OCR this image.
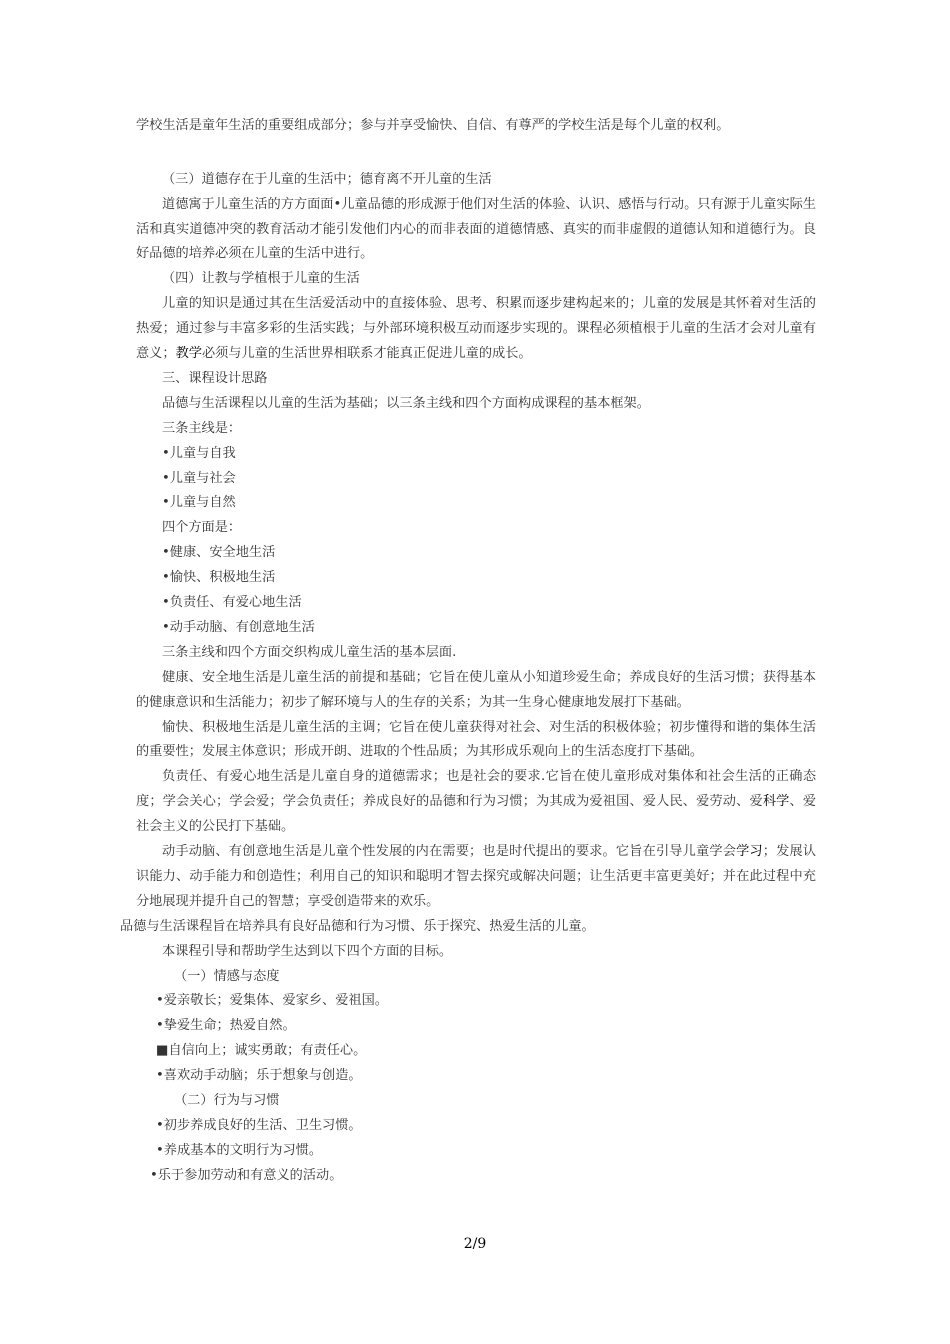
学校生活是童年生活的重要组成部分；参与并享受愉快、自信、有尊严的学校生活是每个儿童的权利。
（三）道德存在于儿童的生活中；德育离不开儿童的生活
道德寓于儿童生活的方方面面•儿童品德的形成源于他们对生活的体验、认识、感悟与行动。只有源于儿童实际生活和真实道德冲突的教育活动才能引发他们内心的而非表面的道德情感、真实的而非虚假的道德认知和道德行为。良好品德的培养必须在儿童的生活中进行。
（四）让教与学植根于儿童的生活
儿童的知识是通过其在生活爱活动中的直接体验、思考、积累而逐步建构起来的；儿童的发展是其怀着对生活的热爱；通过参与丰富多彩的生活实践；与外部环境积极互动而逐步实现的。课程必须植根于儿童的生活才会对儿童有意义；教学必须与儿童的生活世界相联系才能真正促进儿童的成长。
三、课程设计思路
品德与生活课程以儿童的生活为基础；以三条主线和四个方面构成课程的基本框架。
三条主线是：
•儿童与自我
•儿童与社会
•儿童与自然
四个方面是：
•健康、安全地生活
•愉快、积极地生活
•负责任、有爱心地生活
•动手动脑、有创意地生活
三条主线和四个方面交织构成儿童生活的基本层面.
健康、安全地生活是儿童生活的前提和基础；它旨在使儿童从小知道珍爱生命；养成良好的生活习惯；获得基本的健康意识和生活能力；初步了解环境与人的生存的关系；为其一生身心健康地发展打下基础。
愉快、积极地生活是儿童生活的主调；它旨在使儿童获得对社会、对生活的积极体验；初步懂得和谐的集体生活的重要性；发展主体意识；形成开朗、进取的个性品质；为其形成乐观向上的生活态度打下基础。
负责任、有爱心地生活是儿童自身的道德需求；也是社会的要求.它旨在使儿童形成对集体和社会生活的正确态度；学会关心；学会爱；学会负责任；养成良好的品德和行为习惯；为其成为爱祖国、爱人民、爱劳动、爱科学、爱社会主义的公民打下基础。
动手动脑、有创意地生活是儿童个性发展的内在需要；也是时代提出的要求。它旨在引导儿童学会学习；发展认识能力、动手能力和创造性；利用自己的知识和聪明才智去探究或解决问题；让生活更丰富更美好；并在此过程中充分地展现并提升自己的智慧；享受创造带来的欢乐。
品德与生活课程旨在培养具有良好品德和行为习惯、乐于探究、热爱生活的儿童。
本课程引导和帮助学生达到以下四个方面的目标。
（一）情感与态度
•爱亲敬长；爱集体、爱家乡、爱祖国。
•挚爱生命；热爱自然。
■自信向上；诚实勇敢；有责任心。
•喜欢动手动脑；乐于想象与创造。
（二）行为与习惯
•初步养成良好的生活、卫生习惯。
•养成基本的文明行为习惯。
•乐于参加劳动和有意义的活动。
2/9
